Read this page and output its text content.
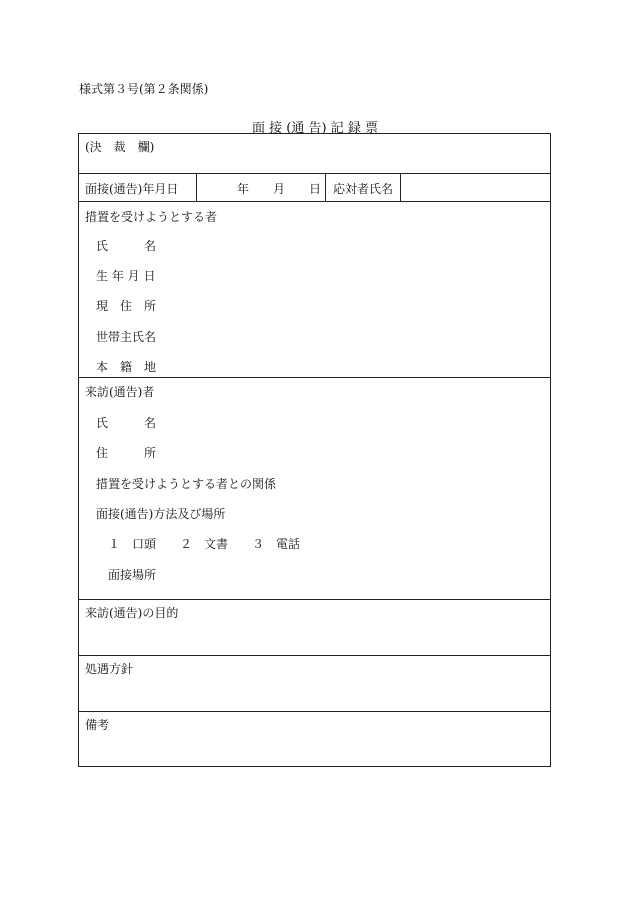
様式第３号(第２条関係)
面 接 (通 告) 記 録 票
(決　裁　欄)
面接(通告)年月日	年　　月　　日 応対者氏名
措置を受けようとする者
氏　　　名
生 年 月 日
現　住　所
世帯主氏名
本　籍　地
来訪(通告)者
氏　　　名
住　　　所
措置を受けようとする者との関係
面接(通告)方法及び場所
１　口頭　　２　文書　　３　電話
面接場所
来訪(通告)の目的
処遇方針
備考
